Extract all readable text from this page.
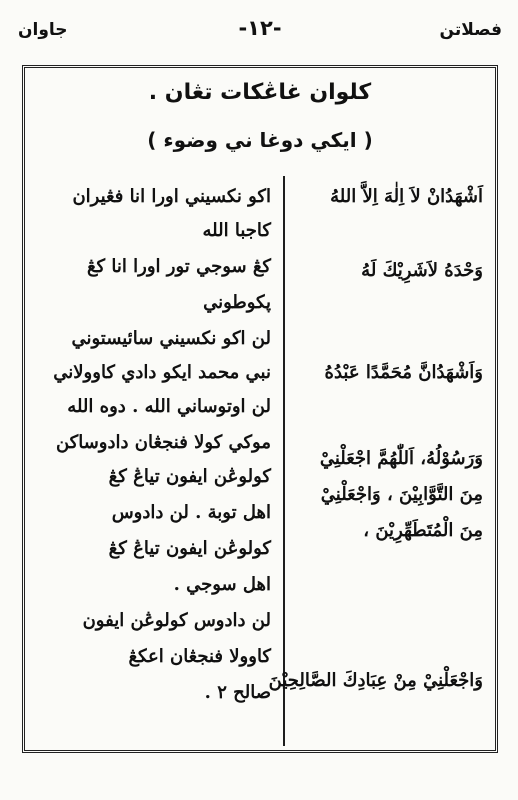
فصلاتن
-١٢-
جاوان
كلوان غاڠكات تڠان .
( ايكي دوغا ني وضوء )
اَشْهَدُانْ لاَ اِلٰهَ اِلاَّ اللهُ
وَحْدَهُ لاَشَرِيْكَ لَهُ
وَاَشْهَدُانَّ مُحَمَّدًا عَبْدُهُ
وَرَسُوْلُهُ، اَللّٰهُمَّ اجْعَلْنِيْ
مِنَ التَّوَّابِيْنَ ، وَاجْعَلْنِيْ
مِنَ الْمُتَطَهِّرِيْنَ ،
وَاجْعَلْنِيْ مِنْ عِبَادِكَ الصَّالِحِيْنَ
اكو نكسيني اورا انا فڠيران
كاجبا الله
كڠ سوجي تور اورا انا كڠ
پكوطوني
لن اكو نكسيني سائيستوني
نبي محمد ايكو دادي كاوولاني
لن اوتوساني الله . دوه الله
موكي كولا فنجڠان دادوساكن
كولوڠن ايفون تياڠ كڠ
اهل توبة . لن دادوس
كولوڠن ايفون تياڠ كڠ
اهل سوجي .
لن دادوس كولوڠن ايفون
كاوولا فنجڠان اعكڠ
صالح ٢ .
